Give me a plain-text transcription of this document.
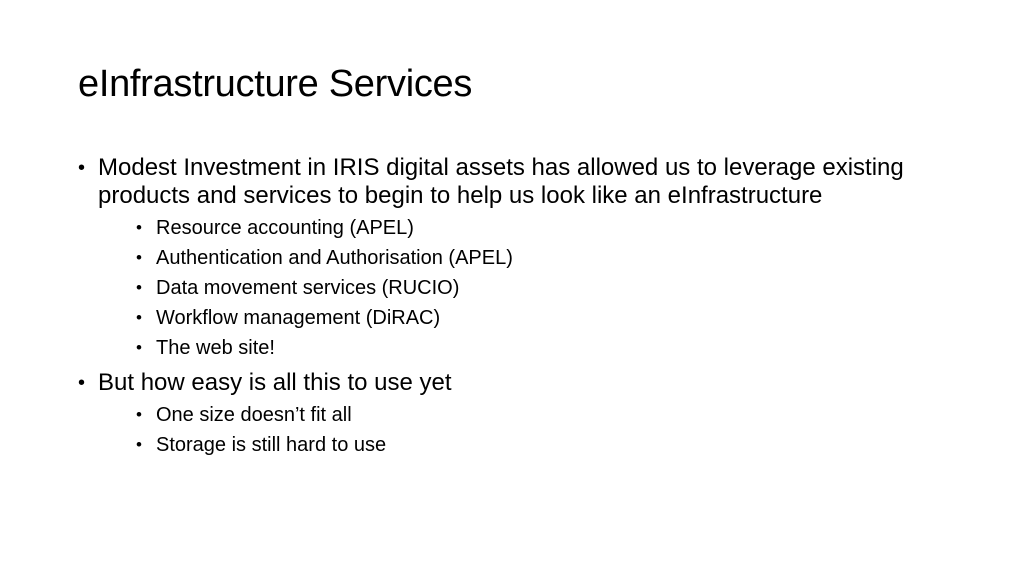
eInfrastructure Services
• Modest Investment in IRIS digital assets has allowed us to leverage existing products and services to begin to help us look like an eInfrastructure
• Resource accounting (APEL)
• Authentication and Authorisation (APEL)
• Data movement services (RUCIO)
• Workflow management (DiRAC)
• The web site!
• But how easy is all this to use yet
• One size doesn’t fit all
• Storage is still hard to use
